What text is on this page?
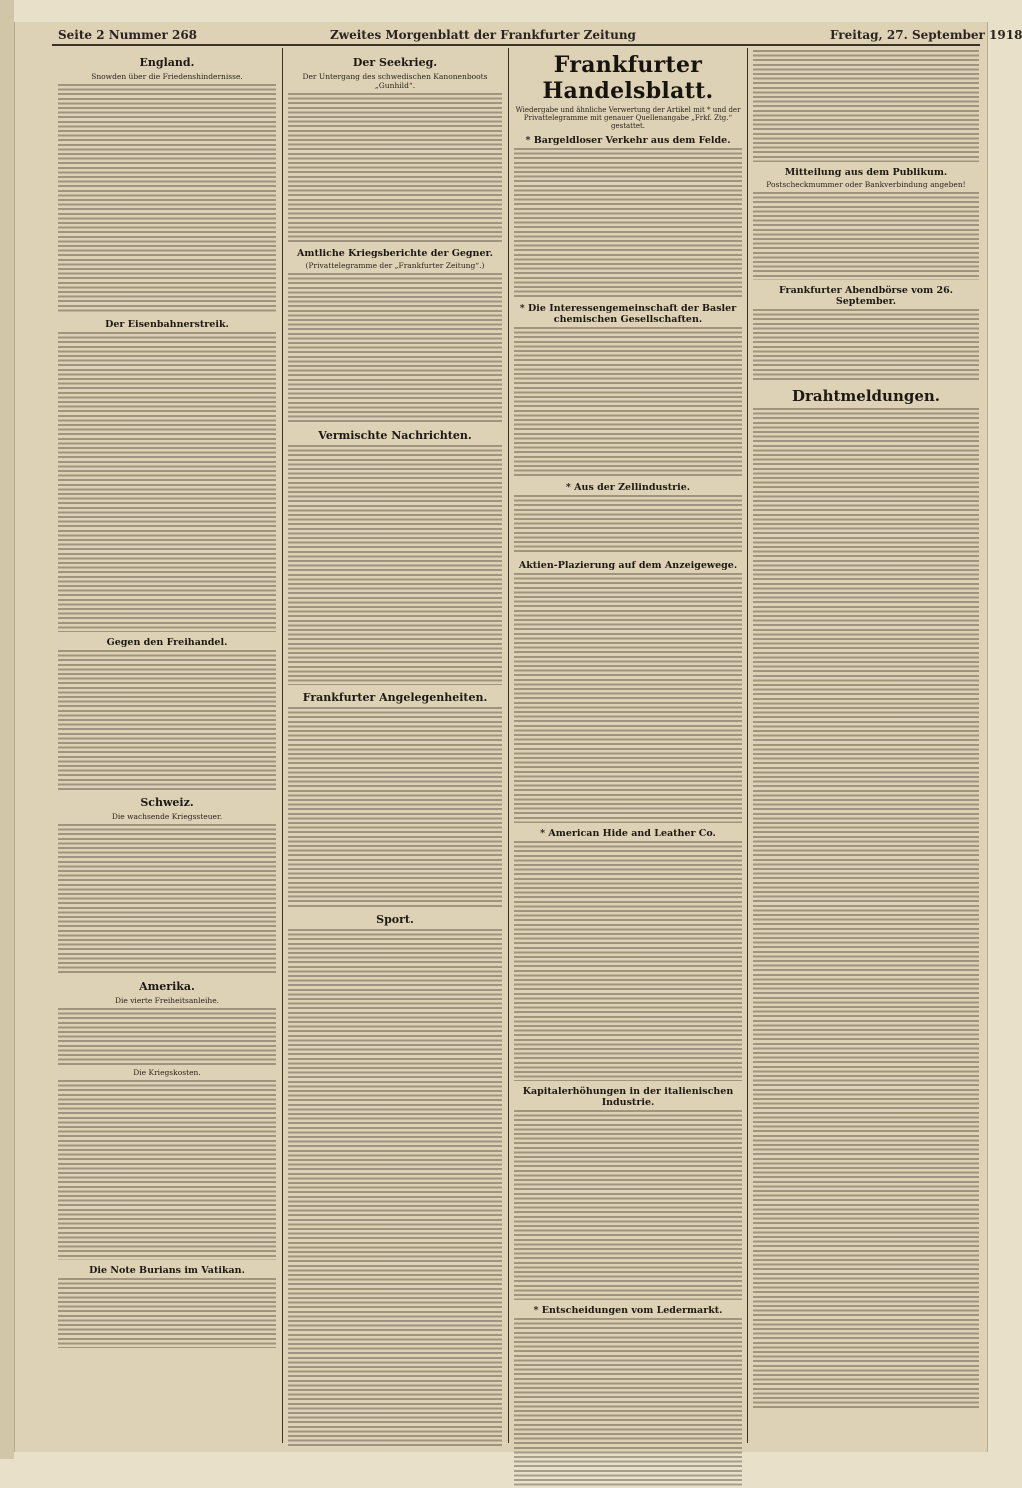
Seite 2 Nummer 268	Zweites Morgenblatt der Frankfurter Zeitung	Freitag, 27. September 1918
England.
Snowden über die Friedenshindernisse.
Der Eisenbahnerstreik.
Gegen den Freihandel.
Schweiz.
Die wachsende Kriegssteuer.
Amerika.
Die vierte Freiheitsanleihe.
Die Kriegskosten.
Die Note Burians im Vatikan.
Der Seekrieg.
Der Untergang des schwedischen Kanonenboots „Gunhild“.
Amtliche Kriegsberichte der Gegner.
(Privattelegramme der „Frankfurter Zeitung“.)
Vermischte Nachrichten.
Frankfurter Angelegenheiten.
Sport.
Frankfurter Handelsblatt.
Wiedergabe und ähnliche Verwertung der Artikel mit * und der Privattelegramme mit genauer Quellenangabe „Frkf. Ztg.“ gestattet.
* Bargeldloser Verkehr aus dem Felde.
* Die Interessengemeinschaft der Basler chemischen Gesellschaften.
* Aus der Zellindustrie.
Aktien-Plazierung auf dem Anzeigewege.
* American Hide and Leather Co.
Kapitalerhöhungen in der italienischen Industrie.
* Entscheidungen vom Ledermarkt.
Mitteilung aus dem Publikum.
Postscheckmummer oder Bankverbindung angeben!
Frankfurter Abendbörse vom 26. September.
Drahtmeldungen.
